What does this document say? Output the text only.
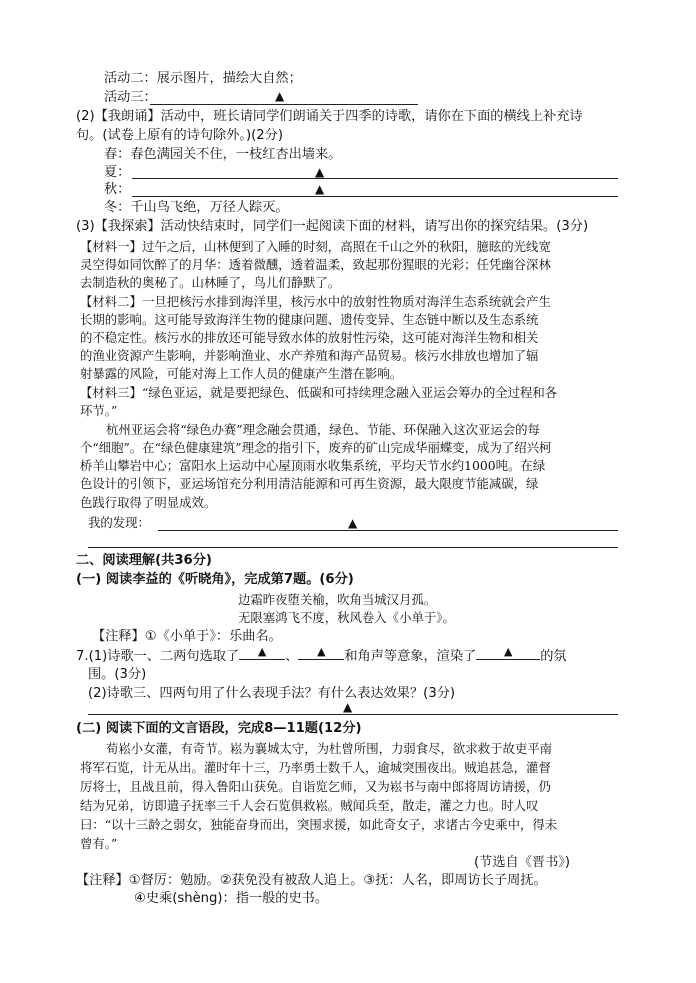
活动二：展示图片，描绘大自然；
活动三：	▲
(2)【我朗诵】活动中，班长请同学们朗诵关于四季的诗歌，请你在下面的横线上补充诗
句。(试卷上原有的诗句除外。)(2分)
春：春色满园关不住，一枝红杏出墙来。
夏：	▲
秋：	▲
冬：千山鸟飞绝，万径人踪灭。
(3)【我探索】活动快结束时，同学们一起阅读下面的材料，请写出你的探究结果。(3分)
【材料一】过午之后，山林便到了入睡的时刻，高照在千山之外的秋阳，臆眩的光线宽
灵空得如同饮醉了的月华：透着微醺，透着温柔，致起那份猩眼的光彩；任凭幽谷深林
去制造秋的奥秘了。山林睡了，鸟儿们静默了。
【材料二】一旦把核污水排到海洋里，核污水中的放射性物质对海洋生态系统就会产生
长期的影响。这可能导致海洋生物的健康问题、遗传变异、生态链中断以及生态系统
的不稳定性。核污水的排放还可能导致水体的放射性污染，这可能对海洋生物和相关
的渔业资源产生影响，并影响渔业、水产养殖和海产品贸易。核污水排放也增加了辐
射暴露的风险，可能对海上工作人员的健康产生潜在影响。
【材料三】“绿色亚运，就是要把绿色、低碳和可持续理念融入亚运会筹办的全过程和各
环节。”
杭州亚运会将“绿色办赛”理念融会贯通，绿色、节能、环保融入这次亚运会的每
个“细胞”。在“绿色健康建筑”理念的指引下，废弃的矿山完成华丽蝶变，成为了绍兴柯
桥羊山攀岩中心；富阳水上运动中心屋顶雨水收集系统，平均天节水约1000吨。在绿
色设计的引领下，亚运场馆充分利用清洁能源和可再生资源，最大限度节能减碳，绿
色践行取得了明显成效。
我的发现：	▲
二、阅读理解(共36分)
(一) 阅读李益的《听晓角》，完成第7题。(6分)
边霜昨夜堕关榆，吹角当城汉月孤。
无限塞鸿飞不度，秋风卷入《小单于》。
【注释】①《小单于》：乐曲名。
7.(1)诗歌一、二两句选取了 ▲ 、 ▲ 和角声等意象，渲染了	▲ 的氛
围。(3分)
(2)诗歌三、四两句用了什么表现手法？有什么表达效果？(3分)
▲
(二) 阅读下面的文言语段，完成8—11题(12分)
荀崧小女灌，有奇节。崧为襄城太守，为杜曾所围，力弱食尽，欲求救于故吏平南
将军石览，计无从出。灌时年十三，乃率勇士数千人，逾城突围夜出。贼追甚急，灌督
厉将士，且战且前，得入鲁阳山获免。自诣览乞师，又为崧书与南中郎将周访请援，仍
结为兄弟，访即遣子抚率三千人会石览俱救崧。贼闻兵至，散走，灌之力也。时人叹
曰：“以十三龄之弱女，独能奋身而出，突围求援，如此奇女子，求诸古今史乘中，得未
曾有。”
(节选自《晋书》)
【注释】①督厉：勉励。②获免没有被敌人追上。③抚：人名，即周访长子周抚。
④史乘(shèng)：指一般的史书。
